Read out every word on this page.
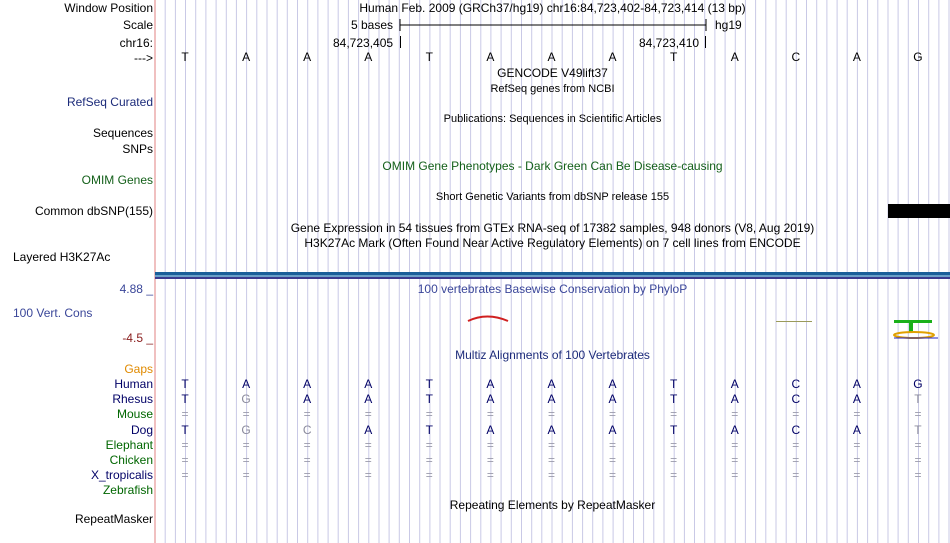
Window Position	Human Feb. 2009 (GRCh37/hg19) chr16:84,723,402-84,723,414 (13 bp)
Scale	5 bases	hg19
chr16:	84,723,405	84,723,410
--->	T	A	A	A	T	A	A	A	T	A	C	A	G
GENCODE V49lift37
RefSeq genes from NCBI
RefSeq Curated
Publications: Sequences in Scientific Articles
Sequences
SNPs
OMIM Gene Phenotypes - Dark Green Can Be Disease-causing
OMIM Genes
Short Genetic Variants from dbSNP release 155
Common dbSNP(155)
Gene Expression in 54 tissues from GTEx RNA-seq of 17382 samples, 948 donors (V8, Aug 2019)
H3K27Ac Mark (Often Found Near Active Regulatory Elements) on 7 cell lines from ENCODE
Layered H3K27Ac
4.88 _	100 vertebrates Basewise Conservation by PhyloP
100 Vert. Cons
-4.5 _
Multiz Alignments of 100 Vertebrates
Gaps
Human	T	A	A	A	T	A	A	A	T	A	C	A	G
Rhesus	T	G	A	A	T	A	A	A	T	A	C	A	T
Mouse	=	=	=	=	=	=	=	=	=	=	=	=	=
Dog	T	G	C	A	T	A	A	A	T	A	C	A	T
Elephant	=	=	=	=	=	=	=	=	=	=	=	=	=
Chicken	=	=	=	=	=	=	=	=	=	=	=	=	=
X_tropicalis	=	=	=	=	=	=	=	=	=	=	=	=	=
Zebrafish
Repeating Elements by RepeatMasker
RepeatMasker
